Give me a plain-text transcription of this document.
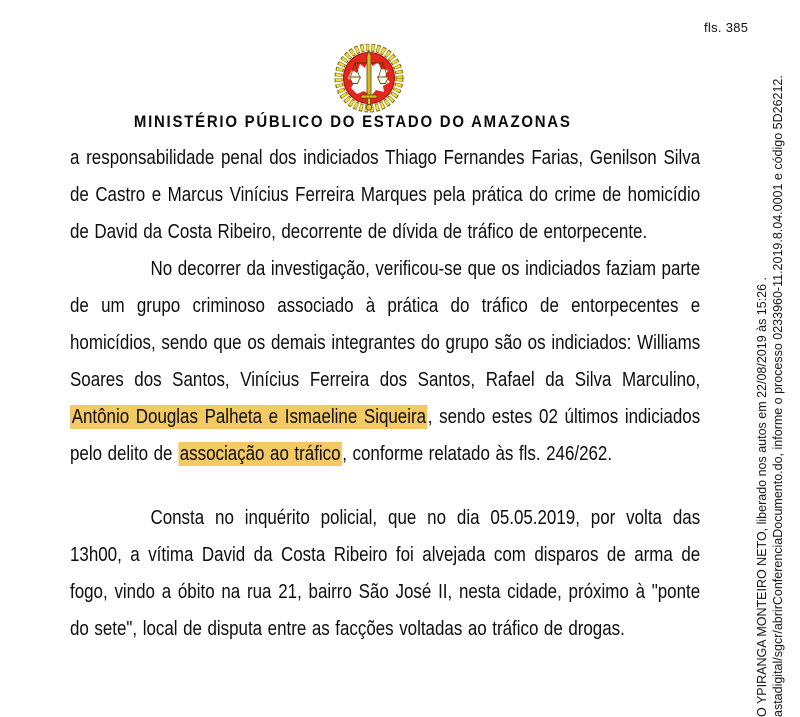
fls. 385
MINISTÉRIO PÚBLICO DO ESTADO DO AMAZONAS

a responsabilidade penal dos indiciados Thiago Fernandes Farias, Genilson Silva de Castro e Marcus Vinícius Ferreira Marques pela prática do crime de homicídio de David da Costa Ribeiro, decorrente de dívida de tráfico de entorpecente.

No decorrer da investigação, verificou-se que os indiciados faziam parte de um grupo criminoso associado à prática do tráfico de entorpecentes e homicídios, sendo que os demais integrantes do grupo são os indiciados: Williams Soares dos Santos, Vinícius Ferreira dos Santos, Rafael da Silva Marculino, Antônio Douglas Palheta e Ismaeline Siqueira, sendo estes 02 últimos indiciados pelo delito de associação ao tráfico, conforme relatado às fls. 246/262.

Consta no inquérito policial, que no dia 05.05.2019, por volta das 13h00, a vítima David da Costa Ribeiro foi alvejada com disparos de arma de fogo, vindo a óbito na rua 21, bairro São José II, nesta cidade, próximo à "ponte do sete", local de disputa entre as facções voltadas ao tráfico de drogas.	O YPIRANGA MONTEIRO NETO, liberado nos autos em 22/08/2019 às 15:26 . astadigital/sgcr/abrirConferenciaDocumento.do, informe o processo 0233960-11.2019.8.04.0001 e código 5D26212.
